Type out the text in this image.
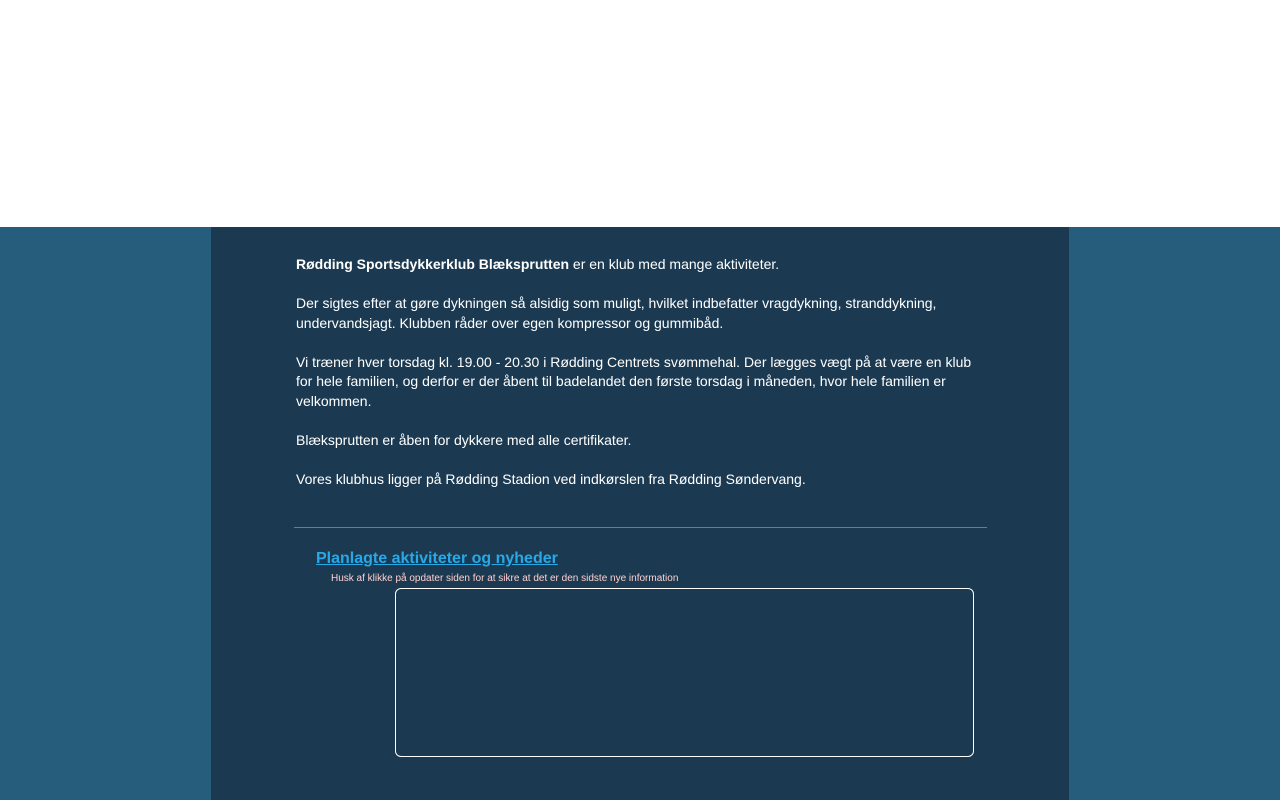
Rødding Sportsdykkerklub Blæksprutten er en klub med mange aktiviteter.

Der sigtes efter at gøre dykningen så alsidig som muligt, hvilket indbefatter vragdykning, stranddykning, undervandsjagt. Klubben råder over egen kompressor og gummibåd.

Vi træner hver torsdag kl. 19.00 - 20.30 i Rødding Centrets svømmehal. Der lægges vægt på at være en klub for hele familien, og derfor er der åbent til badelandet den første torsdag i måneden, hvor hele familien er velkommen.

Blæksprutten er åben for dykkere med alle certifikater.

Vores klubhus ligger på Rødding Stadion ved indkørslen fra Rødding Søndervang.

Planlagte aktiviteter og nyheder
Husk af klikke på opdater siden for at sikre at det er den sidste nye information
